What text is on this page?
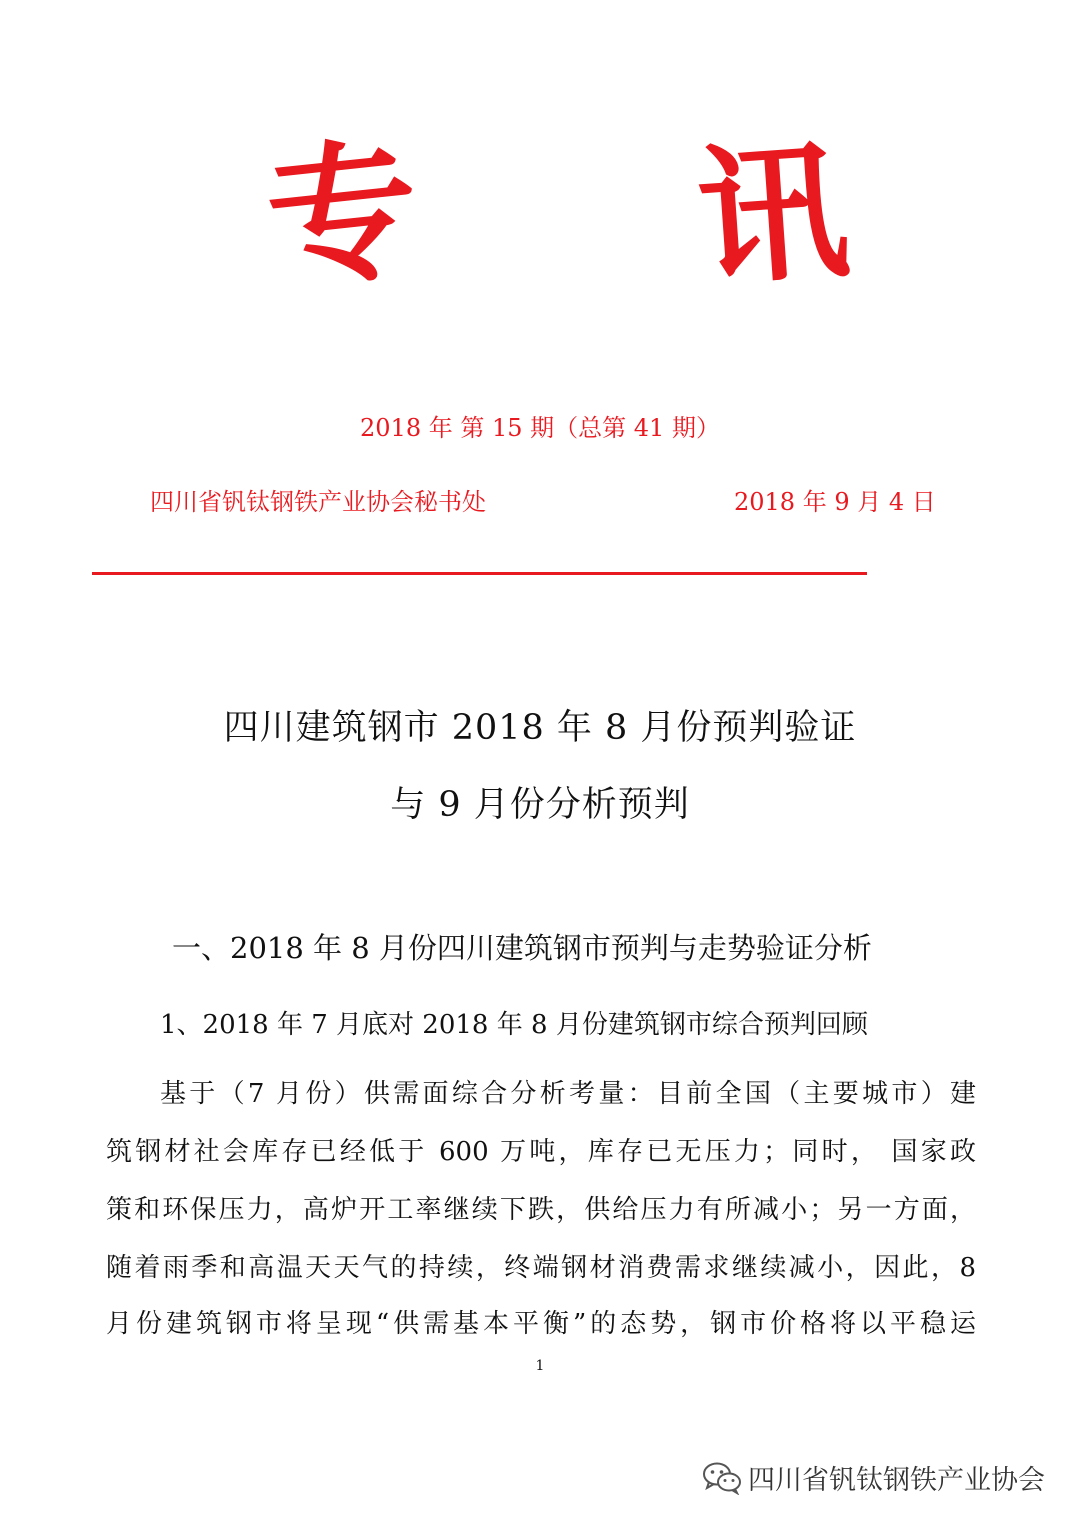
专 讯
2018 年 第 15 期（总第 41 期）
四川省钒钛钢铁产业协会秘书处	2018 年 9 月 4 日
四川建筑钢市 2018 年 8 月份预判验证
与 9 月份分析预判
一、2018 年 8 月份四川建筑钢市预判与走势验证分析
1、2018 年 7 月底对 2018 年 8 月份建筑钢市综合预判回顾
基于（7 月份）供需面综合分析考量：目前全国（主要城市）建
筑钢材社会库存已经低于 600 万吨，库存已无压力；同时， 国家政
策和环保压力，高炉开工率继续下跌，供给压力有所减小；另一方面，
随着雨季和高温天天气的持续，终端钢材消费需求继续减小，因此，8
月份建筑钢市将呈现“供需基本平衡”的态势，钢市价格将以平稳运
1
四川省钒钛钢铁产业协会
